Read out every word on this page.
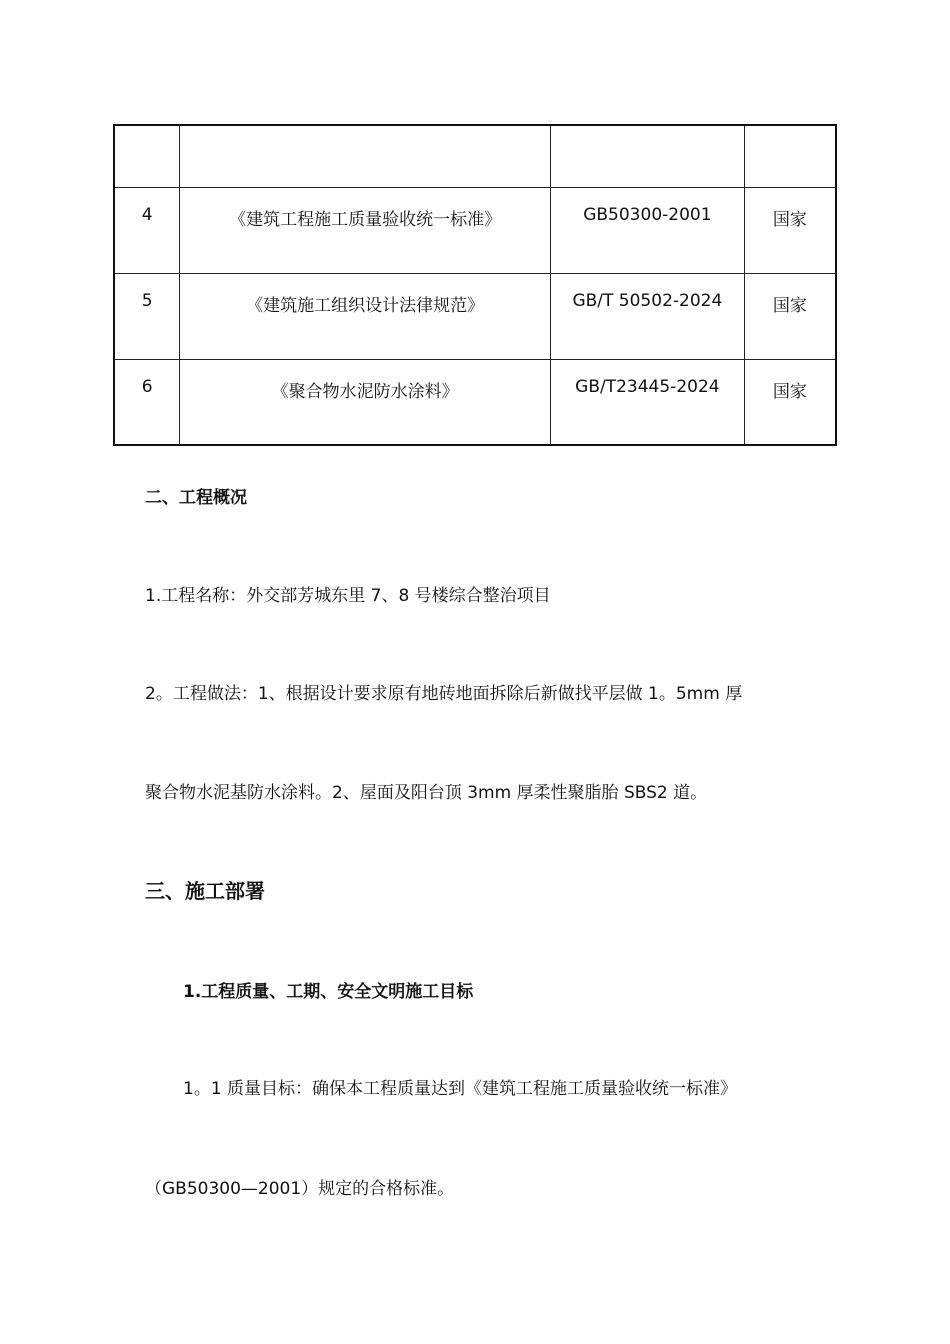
4	《建筑工程施工质量验收统一标准》	GB50300-2001	国家
5	《建筑施工组织设计法律规范》	GB/T 50502-2024	国家
6	《聚合物水泥防水涂料》	GB/T23445-2024	国家
二、工程概况
1.工程名称：外交部芳城东里 7、8 号楼综合整治项目
2。工程做法：1、根据设计要求原有地砖地面拆除后新做找平层做 1。5mm 厚
聚合物水泥基防水涂料。2、屋面及阳台顶 3mm 厚柔性聚脂胎 SBS2 道。
三、施工部署
1.工程质量、工期、安全文明施工目标
1。1 质量目标：确保本工程质量达到《建筑工程施工质量验收统一标准》
（GB50300—2001）规定的合格标准。
